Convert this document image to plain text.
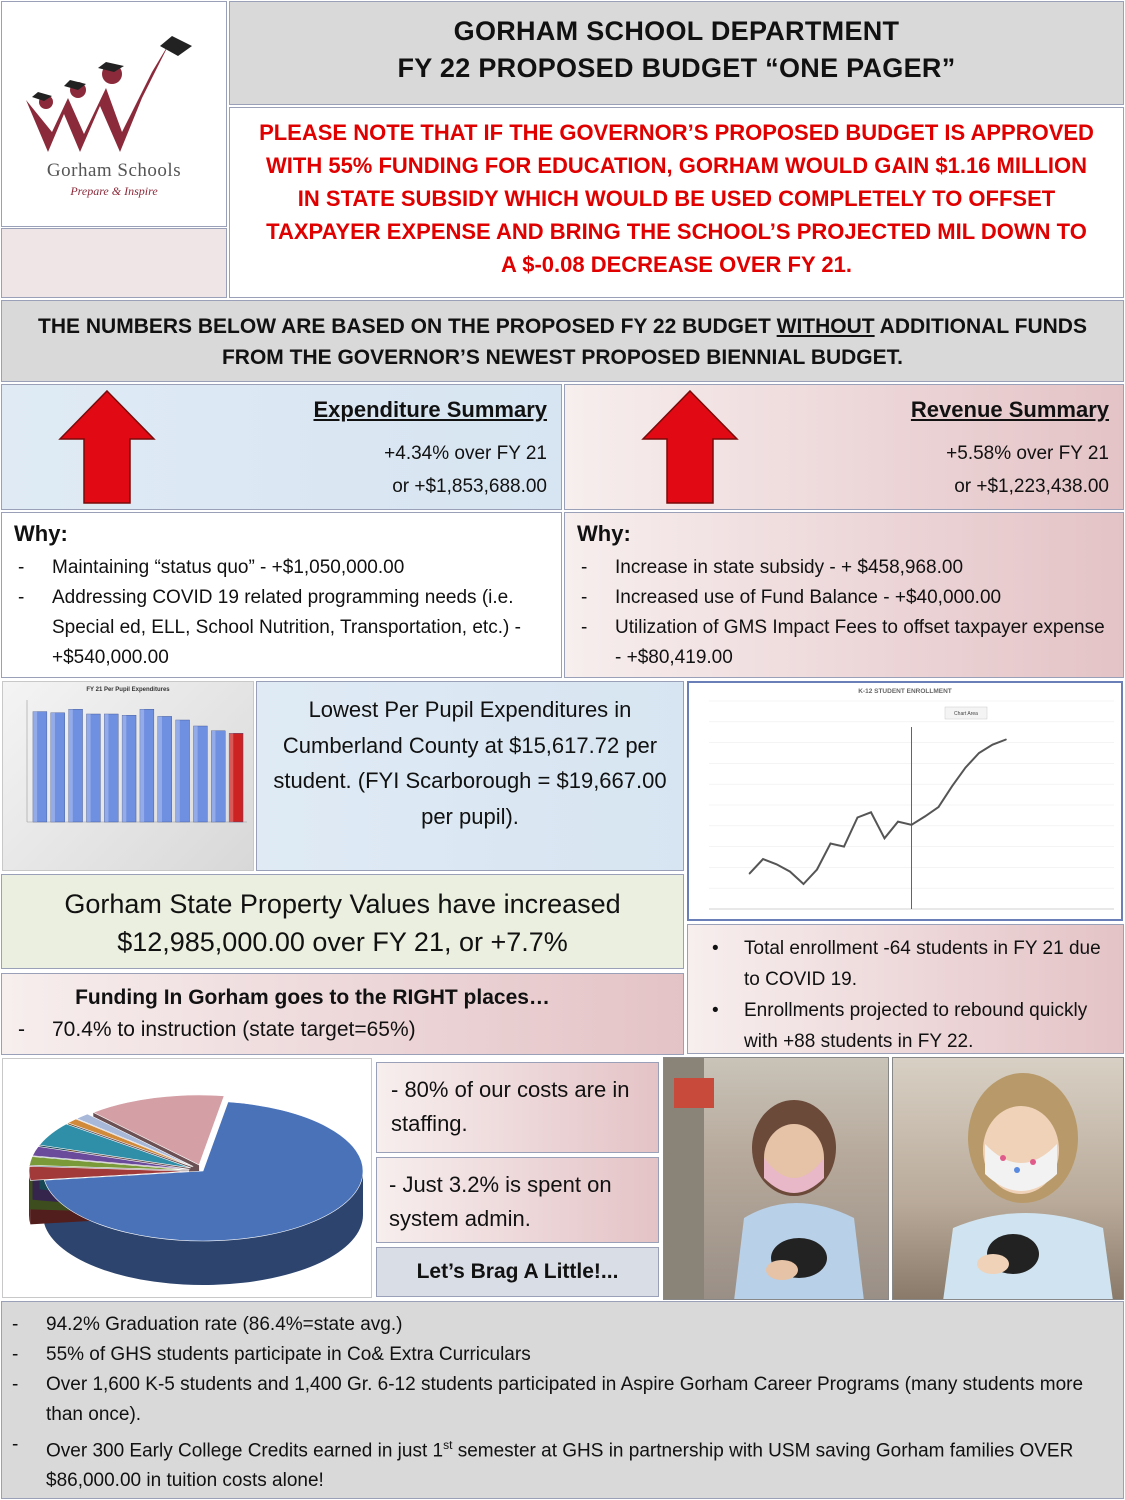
Gorham Schools
Prepare & Inspire
GORHAM SCHOOL DEPARTMENT
FY 22 PROPOSED BUDGET “ONE PAGER”
PLEASE NOTE THAT IF THE GOVERNOR’S PROPOSED BUDGET IS APPROVED WITH 55% FUNDING FOR EDUCATION, GORHAM WOULD GAIN $1.16 MILLION IN STATE SUBSIDY WHICH WOULD BE USED COMPLETELY TO OFFSET TAXPAYER EXPENSE AND BRING THE SCHOOL’S PROJECTED MIL DOWN TO A $-0.08 DECREASE OVER FY 21.
THE NUMBERS BELOW ARE BASED ON THE PROPOSED FY 22 BUDGET WITHOUT ADDITIONAL FUNDS FROM THE GOVERNOR’S NEWEST PROPOSED BIENNIAL BUDGET.
Expenditure Summary
+4.34% over FY 21
or +$1,853,688.00
Revenue Summary
+5.58% over FY 21
or +$1,223,438.00
Why:
- Maintaining “status quo” - +$1,050,000.00
- Addressing COVID 19 related programming needs (i.e. Special ed, ELL, School Nutrition, Transportation, etc.) - +$540,000.00
Why:
- Increase in state subsidy - + $458,968.00
- Increased use of Fund Balance - +$40,000.00
- Utilization of GMS Impact Fees to offset taxpayer expense - +$80,419.00
FY 21 Per Pupil Expenditures
Lowest Per Pupil Expenditures in Cumberland County at $15,617.72 per student. (FYI Scarborough = $19,667.00 per pupil).
K-12 STUDENT ENROLLMENT
Chart Area
Gorham State Property Values have increased
$12,985,000.00 over FY 21, or +7.7%
•	Total enrollment -64 students in FY 21 due to COVID 19.
• Enrollments projected to rebound quickly with +88 students in FY 22.
Funding In Gorham goes to the RIGHT places…
- 70.4% to instruction (state target=65%)
- 80% of our costs are in staffing.
- Just 3.2% is spent on system admin.
Let’s Brag A Little!...
- 94.2% Graduation rate (86.4%=state avg.)
- 55% of GHS students participate in Co& Extra Curriculars
- Over 1,600 K-5 students and 1,400 Gr. 6-12 students participated in Aspire Gorham Career Programs (many students more than once).
- Over 300 Early College Credits earned in just 1st semester at GHS in partnership with USM saving Gorham families OVER $86,000.00 in tuition costs alone!
